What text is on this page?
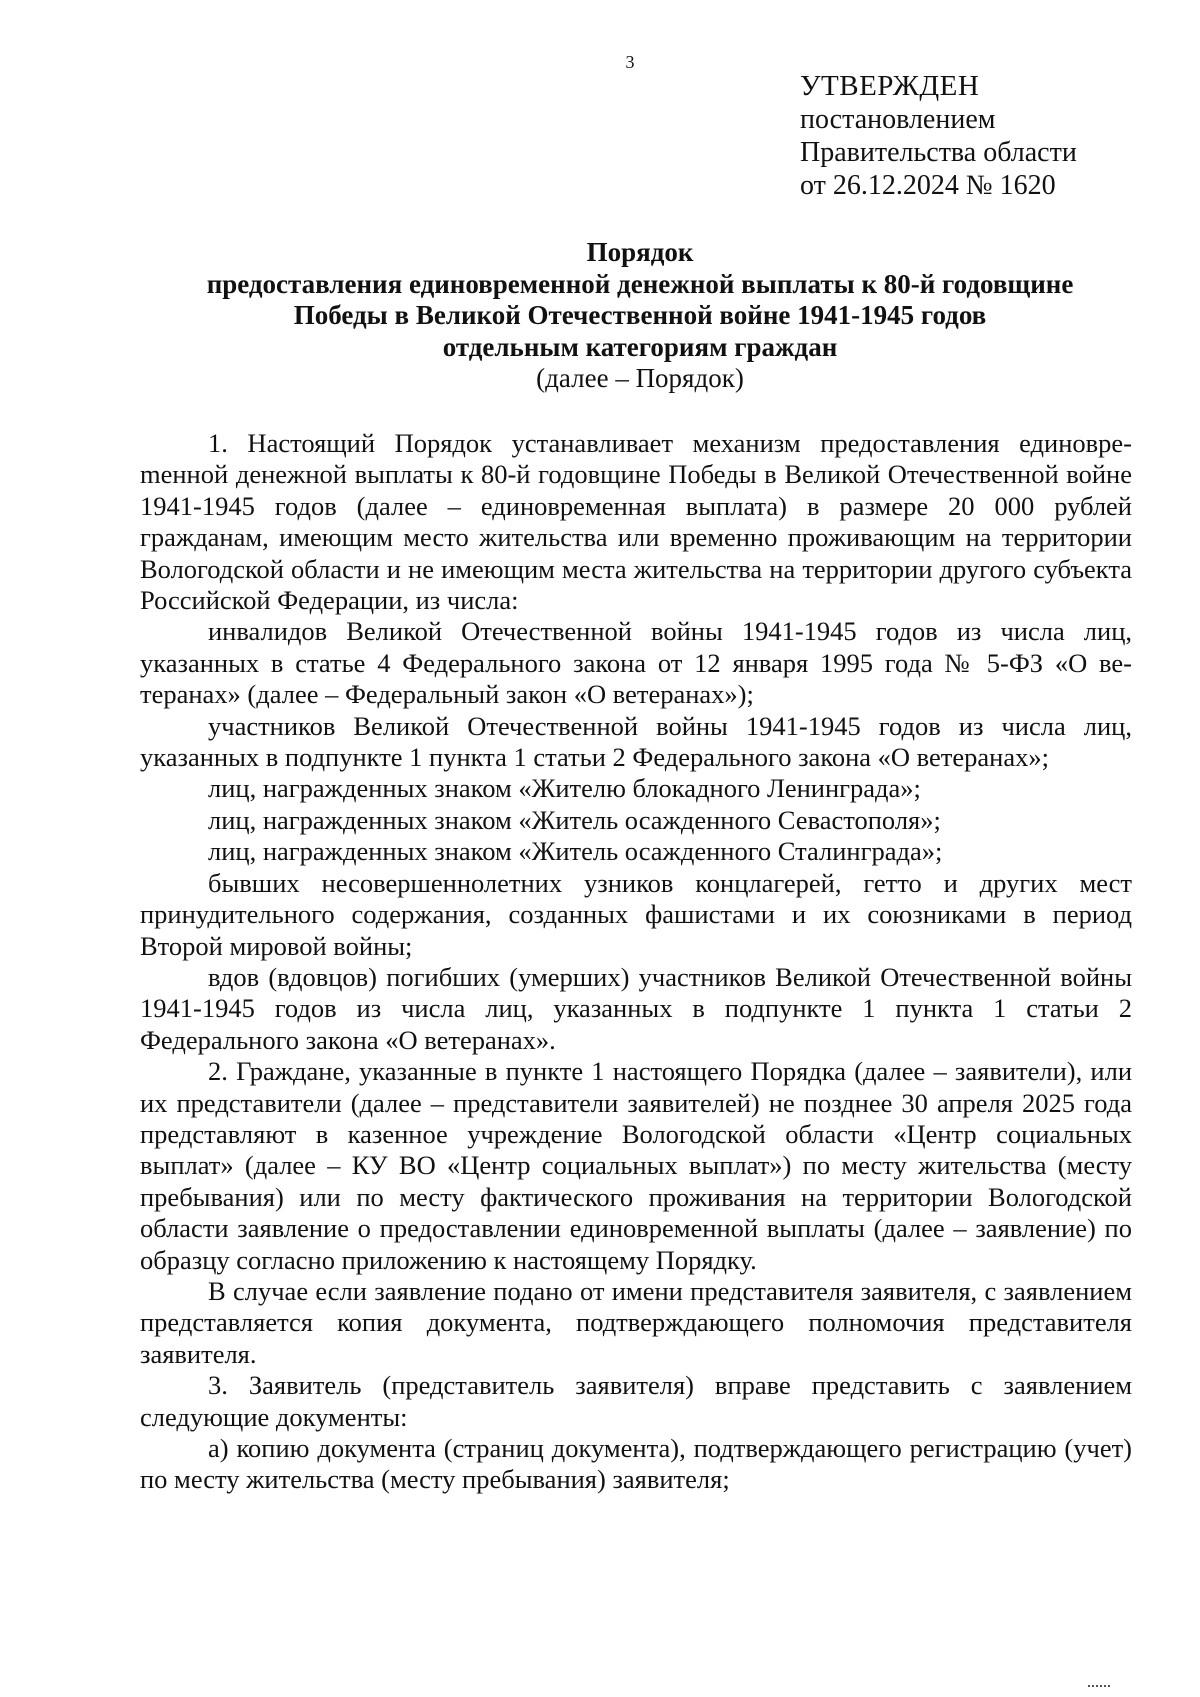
3
УТВЕРЖДЕН
постановлением
Правительства области
от 26.12.2024 № 1620
Порядок
предоставления единовременной денежной выплаты к 80-й годовщине
Победы в Великой Отечественной войне 1941-1945 годов
отдельным категориям граждан
(далее – Порядок)

1. Настоящий Порядок устанавливает механизм предоставления единовреmенной денежной выплаты к 80-й годовщине Победы в Великой Отечественной войне 1941-1945 годов (далее – единовременная выплата) в размере 20 000 рублей гражданам, имеющим место жительства или временно проживающим на территории Вологодской области и не имеющим места жительства на территории другого субъекта Российской Федерации, из числа:

инвалидов Великой Отечественной войны 1941-1945 годов из числа лиц, указанных в статье 4 Федерального закона от 12 января 1995 года № 5-ФЗ «О ветеранах» (далее – Федеральный закон «О ветеранах»);

участников Великой Отечественной войны 1941-1945 годов из числа лиц, указанных в подпункте 1 пункта 1 статьи 2 Федерального закона «О ветеранах»;

лиц, награжденных знаком «Жителю блокадного Ленинграда»;

лиц, награжденных знаком «Житель осажденного Севастополя»;

лиц, награжденных знаком «Житель осажденного Сталинграда»;

бывших несовершеннолетних узников концлагерей, гетто и других мест принудительного содержания, созданных фашистами и их союзниками в период Второй мировой войны;

вдов (вдовцов) погибших (умерших) участников Великой Отечественной войны 1941-1945 годов из числа лиц, указанных в подпункте 1 пункта 1 статьи 2 Федерального закона «О ветеранах».

2. Граждане, указанные в пункте 1 настоящего Порядка (далее – заявители), или их представители (далее – представители заявителей) не позднее 30 апреля 2025 года представляют в казенное учреждение Вологодской области «Центр социальных выплат» (далее – КУ ВО «Центр социальных выплат») по месту жительства (месту пребывания) или по месту фактического проживания на территории Вологодской области заявление о предоставлении единовременной выплаты (далее – заявление) по образцу согласно приложению к настоящему Порядку.

В случае если заявление подано от имени представителя заявителя, с заявлением представляется копия документа, подтверждающего полномочия представителя заявителя.

3. Заявитель (представитель заявителя) вправе представить с заявлением следующие документы:

а) копию документа (страниц документа), подтверждающего регистрацию (учет) по месту жительства (месту пребывания) заявителя;
